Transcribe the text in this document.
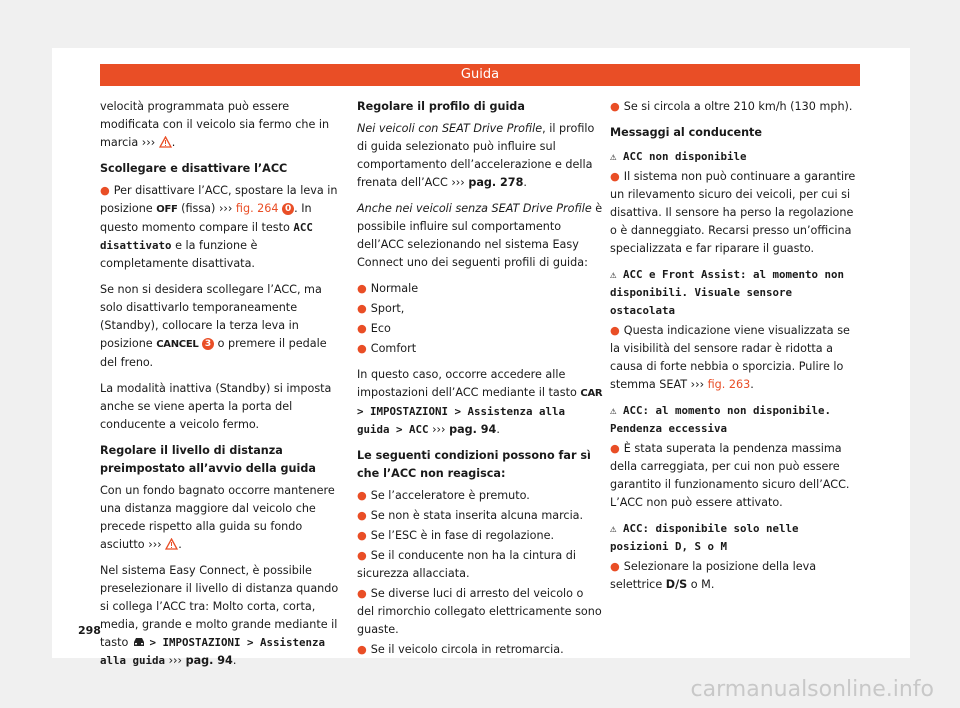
Guida

velocità programmata può essere modificata con il veicolo sia fermo che in marcia ››› .

Scollegare e disattivare l’ACC

● Per disattivare l’ACC, spostare la leva in posizione OFF (fissa) ››› fig. 264 0 . In questo momento compare il testo ACC disattivato e la funzione è completamente disattivata.

Se non si desidera scollegare l’ACC, ma solo disattivarlo temporaneamente (Standby), collocare la terza leva in posizione CANCEL 3 o premere il pedale del freno.

La modalità inattiva (Standby) si imposta anche se viene aperta la porta del conducente a veicolo fermo.

Regolare il livello di distanza preimpostato all’avvio della guida

Con un fondo bagnato occorre mantenere una distanza maggiore dal veicolo che precede rispetto alla guida su fondo asciutto ››› .

Nel sistema Easy Connect, è possibile preselezionare il livello di distanza quando si collega l’ACC tra: Molto corta, corta, media, grande e molto grande mediante il tasto > IMPOSTAZIONI > Assistenza alla guida ››› pag. 94.

Regolare il profilo di guida

Nei veicoli con SEAT Drive Profile, il profilo di guida selezionato può influire sul comportamento dell’accelerazione e della frenata dell’ACC ››› pag. 278.

Anche nei veicoli senza SEAT Drive Profile è possibile influire sul comportamento dell’ACC selezionando nel sistema Easy Connect uno dei seguenti profili di guida:

● Normale

● Sport,

● Eco

● Comfort

In questo caso, occorre accedere alle impostazioni dell’ACC mediante il tasto CAR > IMPOSTAZIONI > Assistenza alla guida > ACC ››› pag. 94.

Le seguenti condizioni possono far sì che l’ACC non reagisca:

● Se l’acceleratore è premuto.

● Se non è stata inserita alcuna marcia.

● Se l’ESC è in fase di regolazione.

● Se il conducente non ha la cintura di sicurezza allacciata.

● Se diverse luci di arresto del veicolo o del rimorchio collegato elettricamente sono guaste.

● Se il veicolo circola in retromarcia.

● Se si circola a oltre 210 km/h (130 mph).

Messaggi al conducente

⚠ ACC non disponibile

● Il sistema non può continuare a garantire un rilevamento sicuro dei veicoli, per cui si disattiva. Il sensore ha perso la regolazione o è danneggiato. Recarsi presso un’officina specializzata e far riparare il guasto.

⚠ ACC e Front Assist: al momento non disponibili. Visuale sensore ostacolata

● Questa indicazione viene visualizzata se la visibilità del sensore radar è ridotta a causa di forte nebbia o sporcizia. Pulire lo stemma SEAT ››› fig. 263.

⚠ ACC: al momento non disponibile. Pendenza eccessiva

● È stata superata la pendenza massima della carreggiata, per cui non può essere garantito il funzionamento sicuro dell’ACC. L’ACC non può essere attivato.

⚠ ACC: disponibile solo nelle posizioni D, S o M

● Selezionare la posizione della leva selettrice D/S o M.

298
carmanualsonline.info
